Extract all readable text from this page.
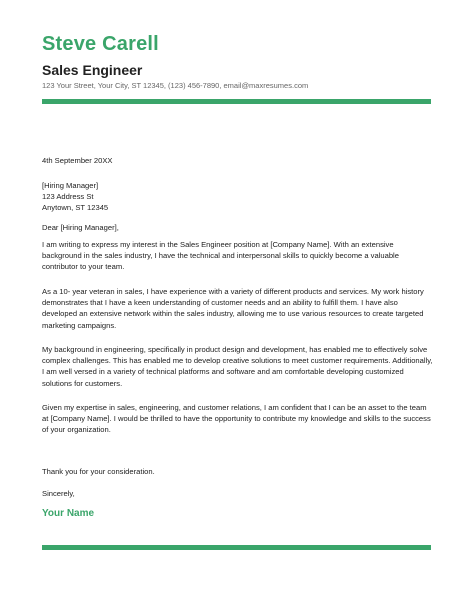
Steve Carell
Sales Engineer
123 Your Street, Your City, ST 12345, (123) 456-7890, email@maxresumes.com

4th September 20XX

[Hiring Manager]
123 Address St
Anytown, ST 12345

Dear [Hiring Manager],

I am writing to express my interest in the Sales Engineer position at [Company Name]. With an extensive background in the sales industry, I have the technical and interpersonal skills to quickly become a valuable contributor to your team.

As a 10- year veteran in sales, I have experience with a variety of different products and services. My work history demonstrates that I have a keen understanding of customer needs and an ability to fulfill them. I have also developed an extensive network within the sales industry, allowing me to use various resources to create targeted marketing campaigns.

My background in engineering, specifically in product design and development, has enabled me to effectively solve complex challenges. This has enabled me to develop creative solutions to meet customer requirements. Additionally, I am well versed in a variety of technical platforms and software and am comfortable developing customized solutions for customers.

Given my expertise in sales, engineering, and customer relations, I am confident that I can be an asset to the team at [Company Name]. I would be thrilled to have the opportunity to contribute my knowledge and skills to the success of your organization.

Thank you for your consideration.

Sincerely,

Your Name
